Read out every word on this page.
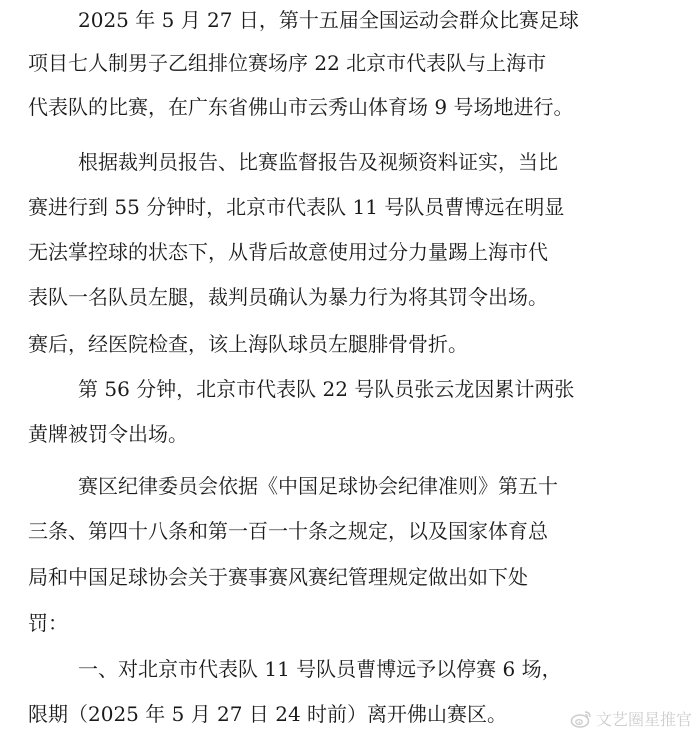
2025 年 5 月 27 日，第十五届全国运动会群众比赛足球
项目七人制男子乙组排位赛场序 22 北京市代表队与上海市
代表队的比赛，在广东省佛山市云秀山体育场 9 号场地进行。
根据裁判员报告、比赛监督报告及视频资料证实，当比
赛进行到 55 分钟时，北京市代表队 11 号队员曹博远在明显
无法掌控球的状态下，从背后故意使用过分力量踢上海市代
表队一名队员左腿，裁判员确认为暴力行为将其罚令出场。
赛后，经医院检查，该上海队球员左腿腓骨骨折。
第 56 分钟，北京市代表队 22 号队员张云龙因累计两张
黄牌被罚令出场。
赛区纪律委员会依据《中国足球协会纪律准则》第五十
三条、第四十八条和第一百一十条之规定，以及国家体育总
局和中国足球协会关于赛事赛风赛纪管理规定做出如下处
罚：
一、对北京市代表队 11 号队员曹博远予以停赛 6 场，
限期（2025 年 5 月 27 日 24 时前）离开佛山赛区。	文艺圈星推官
